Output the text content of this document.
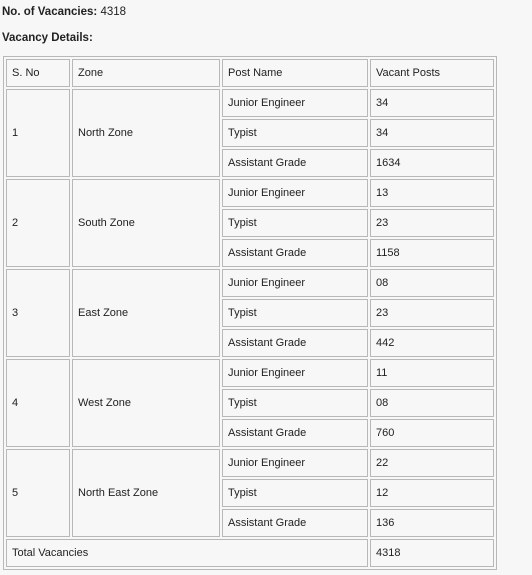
No. of Vacancies: 4318
Vacancy Details:
S. No	Zone	Post Name	Vacant Posts
1	North Zone	Junior Engineer	34
		Typist	34
		Assistant Grade	1634
2	South Zone	Junior Engineer	13
		Typist	23
		Assistant Grade	1158
3	East Zone	Junior Engineer	08
		Typist	23
		Assistant Grade	442
4	West Zone	Junior Engineer	11
		Typist	08
		Assistant Grade	760
5	North East Zone	Junior Engineer	22
		Typist	12
		Assistant Grade	136
Total Vacancies			4318
